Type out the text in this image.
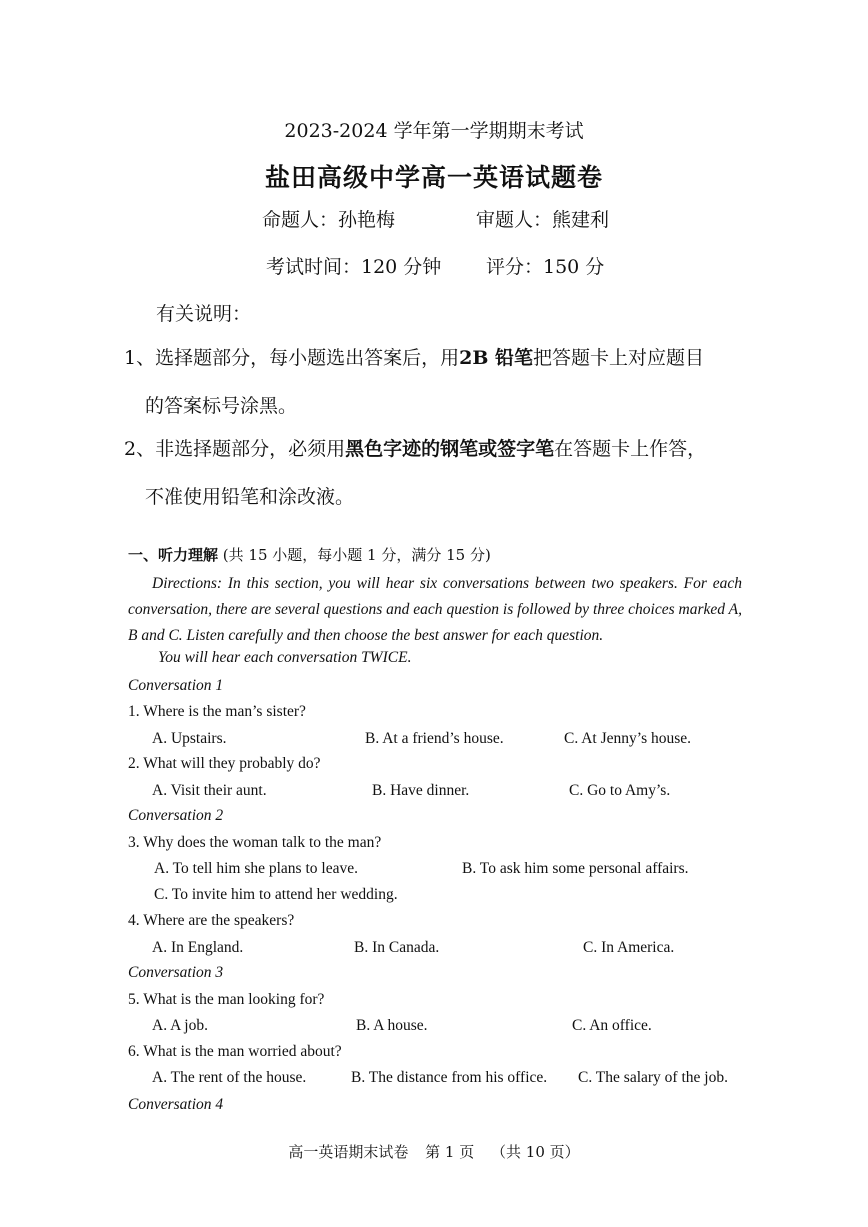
2023-2024 学年第一学期期末考试
盐田高级中学高一英语试题卷
命题人：孙艳梅	审题人：熊建利
考试时间：120 分钟 评分：150 分
有关说明：
1、选择题部分，每小题选出答案后，用2B 铅笔把答题卡上对应题目
的答案标号涂黑。
2、非选择题部分，必须用黑色字迹的钢笔或签字笔在答题卡上作答，
不准使用铅笔和涂改液。
一、听力理解 (共 15 小题，每小题 1 分，满分 15 分)
Directions: In this section, you will hear six conversations between two speakers. For each conversation, there are several questions and each question is followed by three choices marked A, B and C. Listen carefully and then choose the best answer for each question.
You will hear each conversation TWICE.
Conversation 1
1. Where is the man’s sister?
A. Upstairs.	B. At a friend’s house.	C. At Jenny’s house.
2. What will they probably do?
A. Visit their aunt.	B. Have dinner.	C. Go to Amy’s.
Conversation 2
3. Why does the woman talk to the man?
A. To tell him she plans to leave.	B. To ask him some personal affairs.
C. To invite him to attend her wedding.
4. Where are the speakers?
A. In England.	B. In Canada.	C. In America.
Conversation 3
5. What is the man looking for?
A. A job.	B. A house.	C. An office.
6. What is the man worried about?
A. The rent of the house.	B. The distance from his office. C. The salary of the job.
Conversation 4
高一英语期末试卷 第 1 页 （共 10 页）
